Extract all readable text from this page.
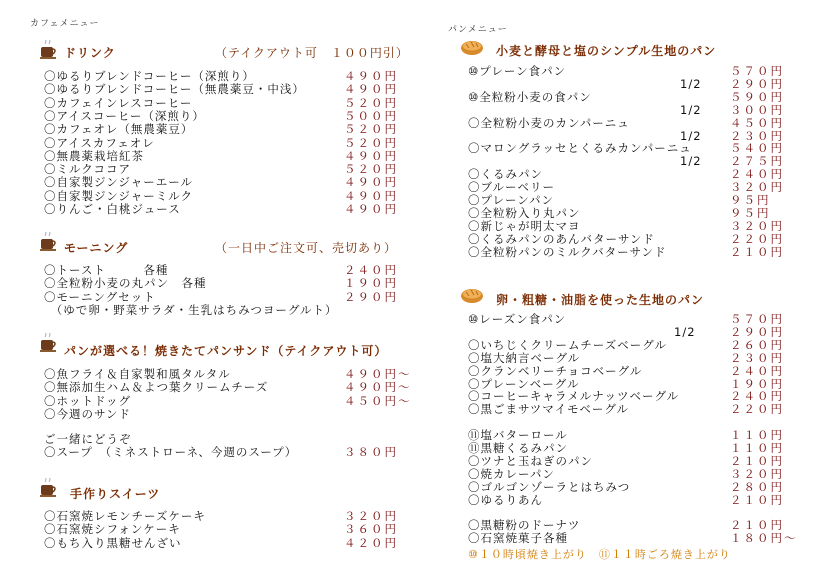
カフェメニュー
ドリンク	（テイクアウト可　１００円引）
〇ゆるりブレンドコーヒー（深煎り）	４９０円
〇ゆるりブレンドコーヒー（無農薬豆・中浅）	４９０円
〇カフェインレスコーヒー	５２０円
〇アイスコーヒー（深煎り）	５００円
〇カフェオレ（無農薬豆）	５２０円
〇アイスカフェオレ	５２０円
〇無農薬栽培紅茶	４９０円
〇ミルクココア	５２０円
〇自家製ジンジャーエール	４９０円
〇自家製ジンジャーミルク	４９０円
〇りんご・白桃ジュース	４９０円
モーニング	（一日中ご注文可、売切あり）
〇トースト　　　各種	２４０円
〇全粒粉小麦の丸パン　各種	１９０円
〇モーニングセット	２９０円
　（ゆで卵・野菜サラダ・生乳はちみつヨーグルト）
パンが選べる！焼きたてパンサンド（テイクアウト可）
〇魚フライ＆自家製和風タルタル	４９０円～
〇無添加生ハム＆よつ葉クリームチーズ	４９０円～
〇ホットドッグ	４５０円～
〇今週のサンド
ご一緒にどうぞ
〇スープ　（ミネストローネ、今週のスープ）	３８０円
手作りスイーツ
〇石窯焼レモンチーズケーキ	３２０円
〇石窯焼シフォンケーキ	３６０円
〇もち入り黒糖せんざい	４２０円
パンメニュー
小麦と酵母と塩のシンプル生地のパン
⑩プレーン食パン	５７０円
1/2 ２９０円
⑩全粒粉小麦の食パン	５９０円
1/2 ３００円
〇全粒粉小麦のカンパーニュ	４５０円
1/2 ２３０円
〇マロングラッセとくるみカンパーニュ	５４０円
1/2 ２７５円
〇くるみパン	２４０円
〇ブルーベリー	３２０円
〇プレーンパン	９５円
〇全粒粉入り丸パン	９５円
〇新じゃが明太マヨ	３２０円
〇くるみパンのあんバターサンド	２２０円
〇全粒粉パンのミルクバターサンド	２１０円
卵・粗糖・油脂を使った生地のパン
⑩レーズン食パン	５７０円
1/2	２９０円
〇いちじくクリームチーズベーグル	２６０円
〇塩大納言ベーグル	２３０円
〇クランベリーチョコベーグル	２４０円
〇プレーンベーグル	１９０円
〇コーヒーキャラメルナッツベーグル	２４０円
〇黒ごまサツマイモベーグル	２２０円
⑪塩バターロール	１１０円
⑪黒糖くるみパン	１１０円
〇ツナと玉ねぎのパン	２１０円
〇焼カレーパン	３２０円
〇ゴルゴンゾーラとはちみつ	２８０円
〇ゆるりあん	２１０円
〇黒糖粉のドーナツ	２１０円
〇石窯焼菓子各種	１８０円～
⑩１０時頃焼き上がり　⑪１１時ごろ焼き上がり
